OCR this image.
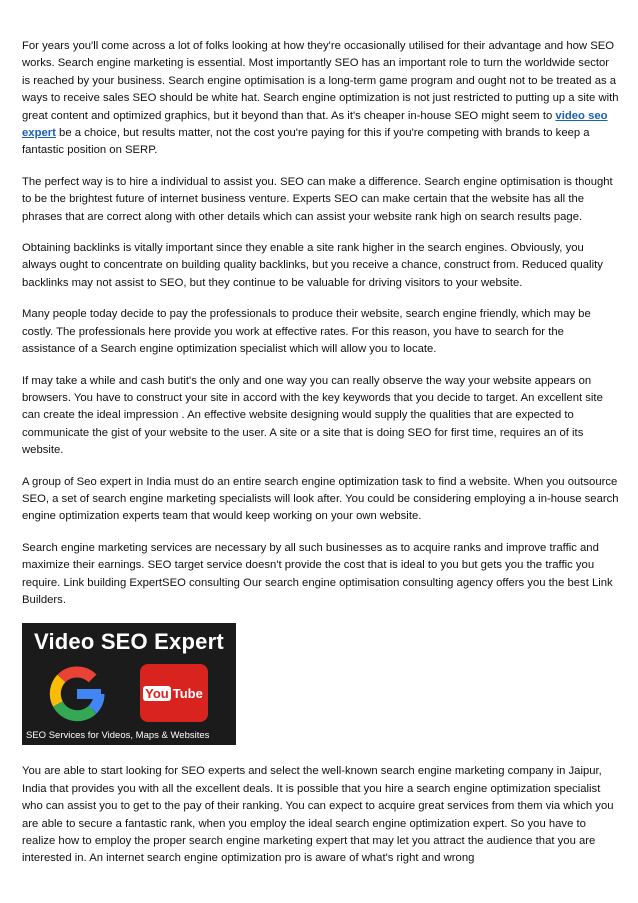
For years you'll come across a lot of folks looking at how they're occasionally utilised for their advantage and how SEO works. Search engine marketing is essential. Most importantly SEO has an important role to turn the worldwide sector is reached by your business. Search engine optimisation is a long-term game program and ought not to be treated as a ways to receive sales SEO should be white hat. Search engine optimization is not just restricted to putting up a site with great content and optimized graphics, but it beyond than that. As it's cheaper in-house SEO might seem to video seo expert be a choice, but results matter, not the cost you're paying for this if you're competing with brands to keep a fantastic position on SERP.

The perfect way is to hire a individual to assist you. SEO can make a difference. Search engine optimisation is thought to be the brightest future of internet business venture. Experts SEO can make certain that the website has all the phrases that are correct along with other details which can assist your website rank high on search results page.

Obtaining backlinks is vitally important since they enable a site rank higher in the search engines. Obviously, you always ought to concentrate on building quality backlinks, but you receive a chance, construct from. Reduced quality backlinks may not assist to SEO, but they continue to be valuable for driving visitors to your website.

Many people today decide to pay the professionals to produce their website, search engine friendly, which may be costly. The professionals here provide you work at effective rates. For this reason, you have to search for the assistance of a Search engine optimization specialist which will allow you to locate.

If may take a while and cash butit's the only and one way you can really observe the way your website appears on browsers. You have to construct your site in accord with the key keywords that you decide to target. An excellent site can create the ideal impression . An effective website designing would supply the qualities that are expected to communicate the gist of your website to the user. A site or a site that is doing SEO for first time, requires an of its website.

A group of Seo expert in India must do an entire search engine optimization task to find a website. When you outsource SEO, a set of search engine marketing specialists will look after. You could be considering employing a in-house search engine optimization experts team that would keep working on your own website.

Search engine marketing services are necessary by all such businesses as to acquire ranks and improve traffic and maximize their earnings. SEO target service doesn't provide the cost that is ideal to you but gets you the traffic you require. Link building ExpertSEO consulting Our search engine optimisation consulting agency offers you the best Link Builders.

Video SEO Expert
You Tube
SEO Services for Videos, Maps & Websites

You are able to start looking for SEO experts and select the well-known search engine marketing company in Jaipur, India that provides you with all the excellent deals. It is possible that you hire a search engine optimization specialist who can assist you to get to the pay of their ranking. You can expect to acquire great services from them via which you are able to secure a fantastic rank, when you employ the ideal search engine optimization expert. So you have to realize how to employ the proper search engine marketing expert that may let you attract the audience that you are interested in. An internet search engine optimization pro is aware of what's right and wrong
